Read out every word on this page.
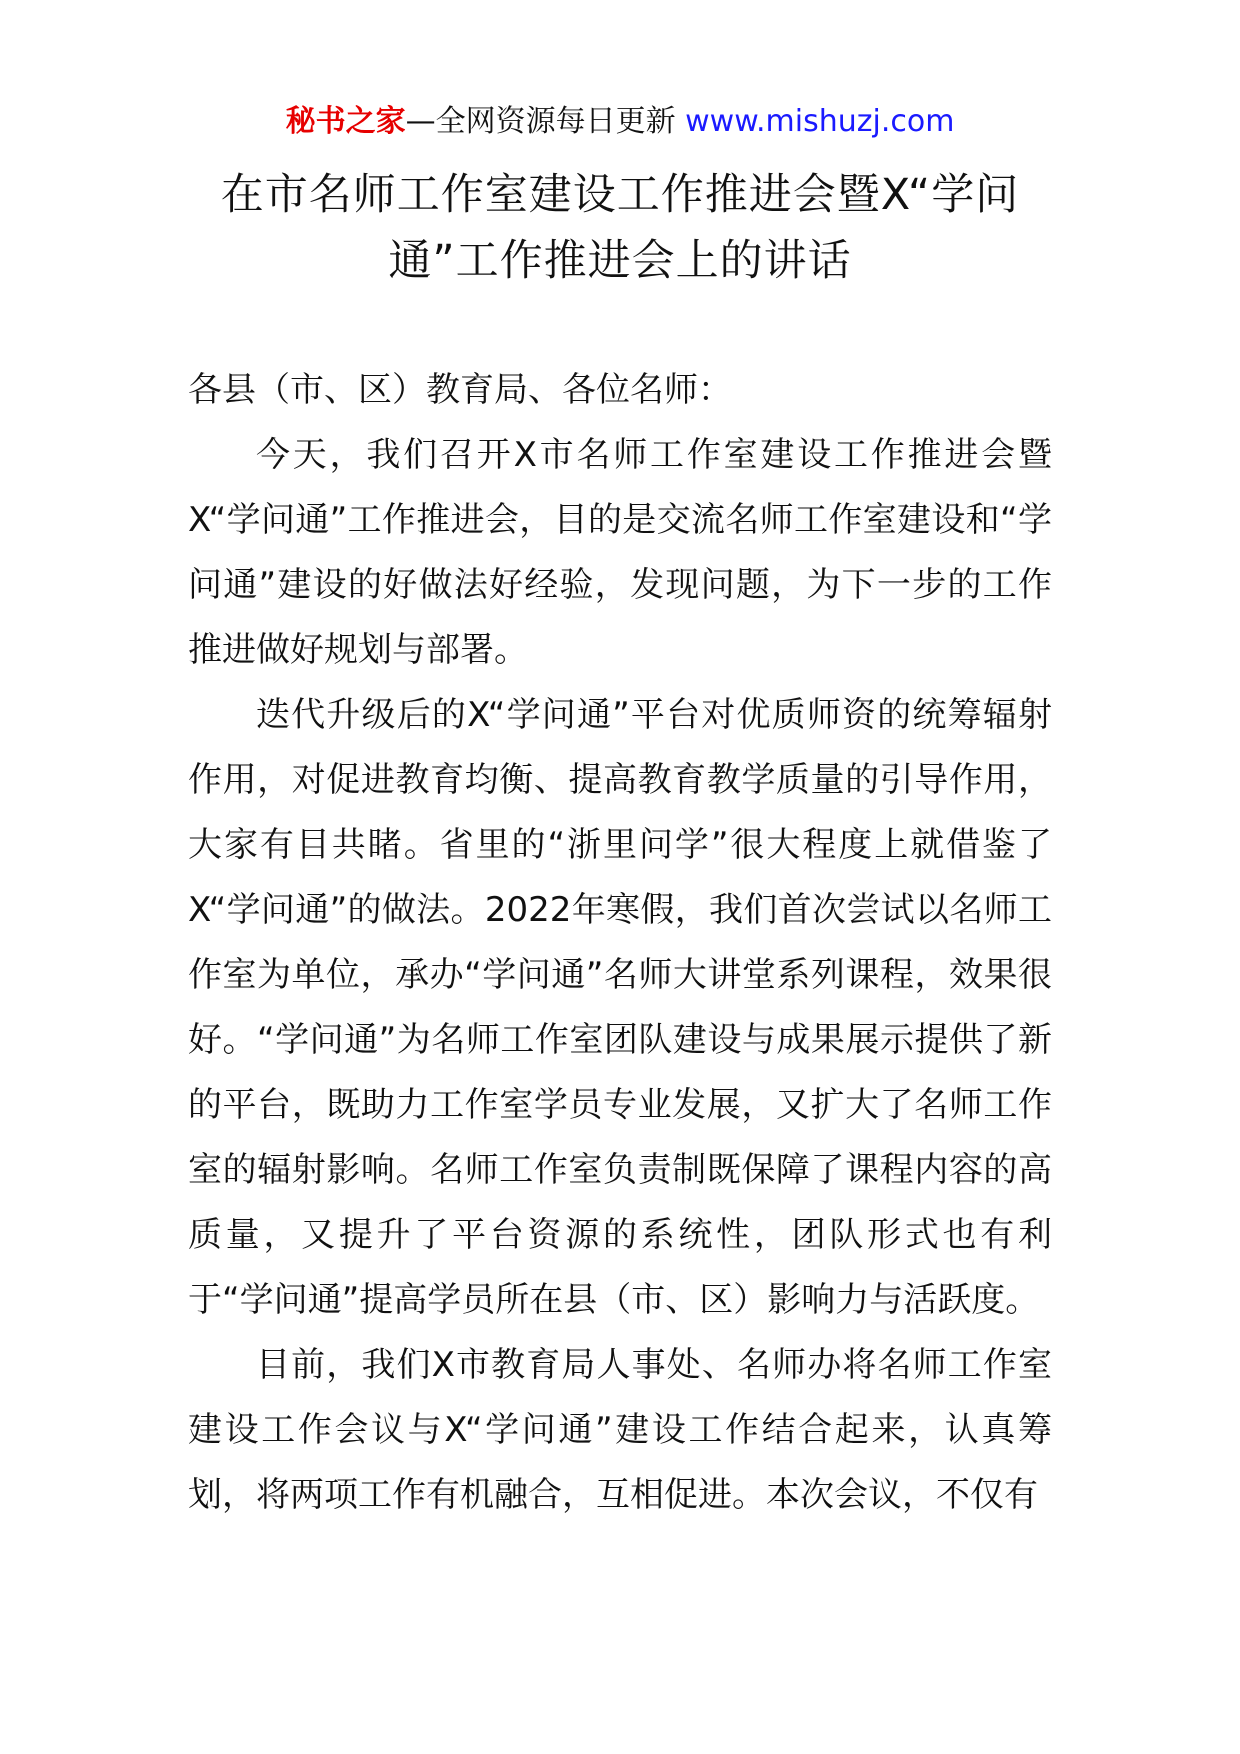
秘书之家—全网资源每日更新 www.mishuzj.com
在市名师工作室建设工作推进会暨X“学问通”工作推进会上的讲话

各县（市、区）教育局、各位名师：

今天，我们召开X市名师工作室建设工作推进会暨X“学问通”工作推进会，目的是交流名师工作室建设和“学问通”建设的好做法好经验，发现问题，为下一步的工作推进做好规划与部署。

迭代升级后的X“学问通”平台对优质师资的统筹辐射作用，对促进教育均衡、提高教育教学质量的引导作用，大家有目共睹。省里的“浙里问学”很大程度上就借鉴了X“学问通”的做法。2022年寒假，我们首次尝试以名师工作室为单位，承办“学问通”名师大讲堂系列课程，效果很好。“学问通”为名师工作室团队建设与成果展示提供了新的平台，既助力工作室学员专业发展，又扩大了名师工作室的辐射影响。名师工作室负责制既保障了课程内容的高质量，又提升了平台资源的系统性，团队形式也有利于“学问通”提高学员所在县（市、区）影响力与活跃度。

目前，我们X市教育局人事处、名师办将名师工作室建设工作会议与X“学问通”建设工作结合起来，认真筹划，将两项工作有机融合，互相促进。本次会议，不仅有
